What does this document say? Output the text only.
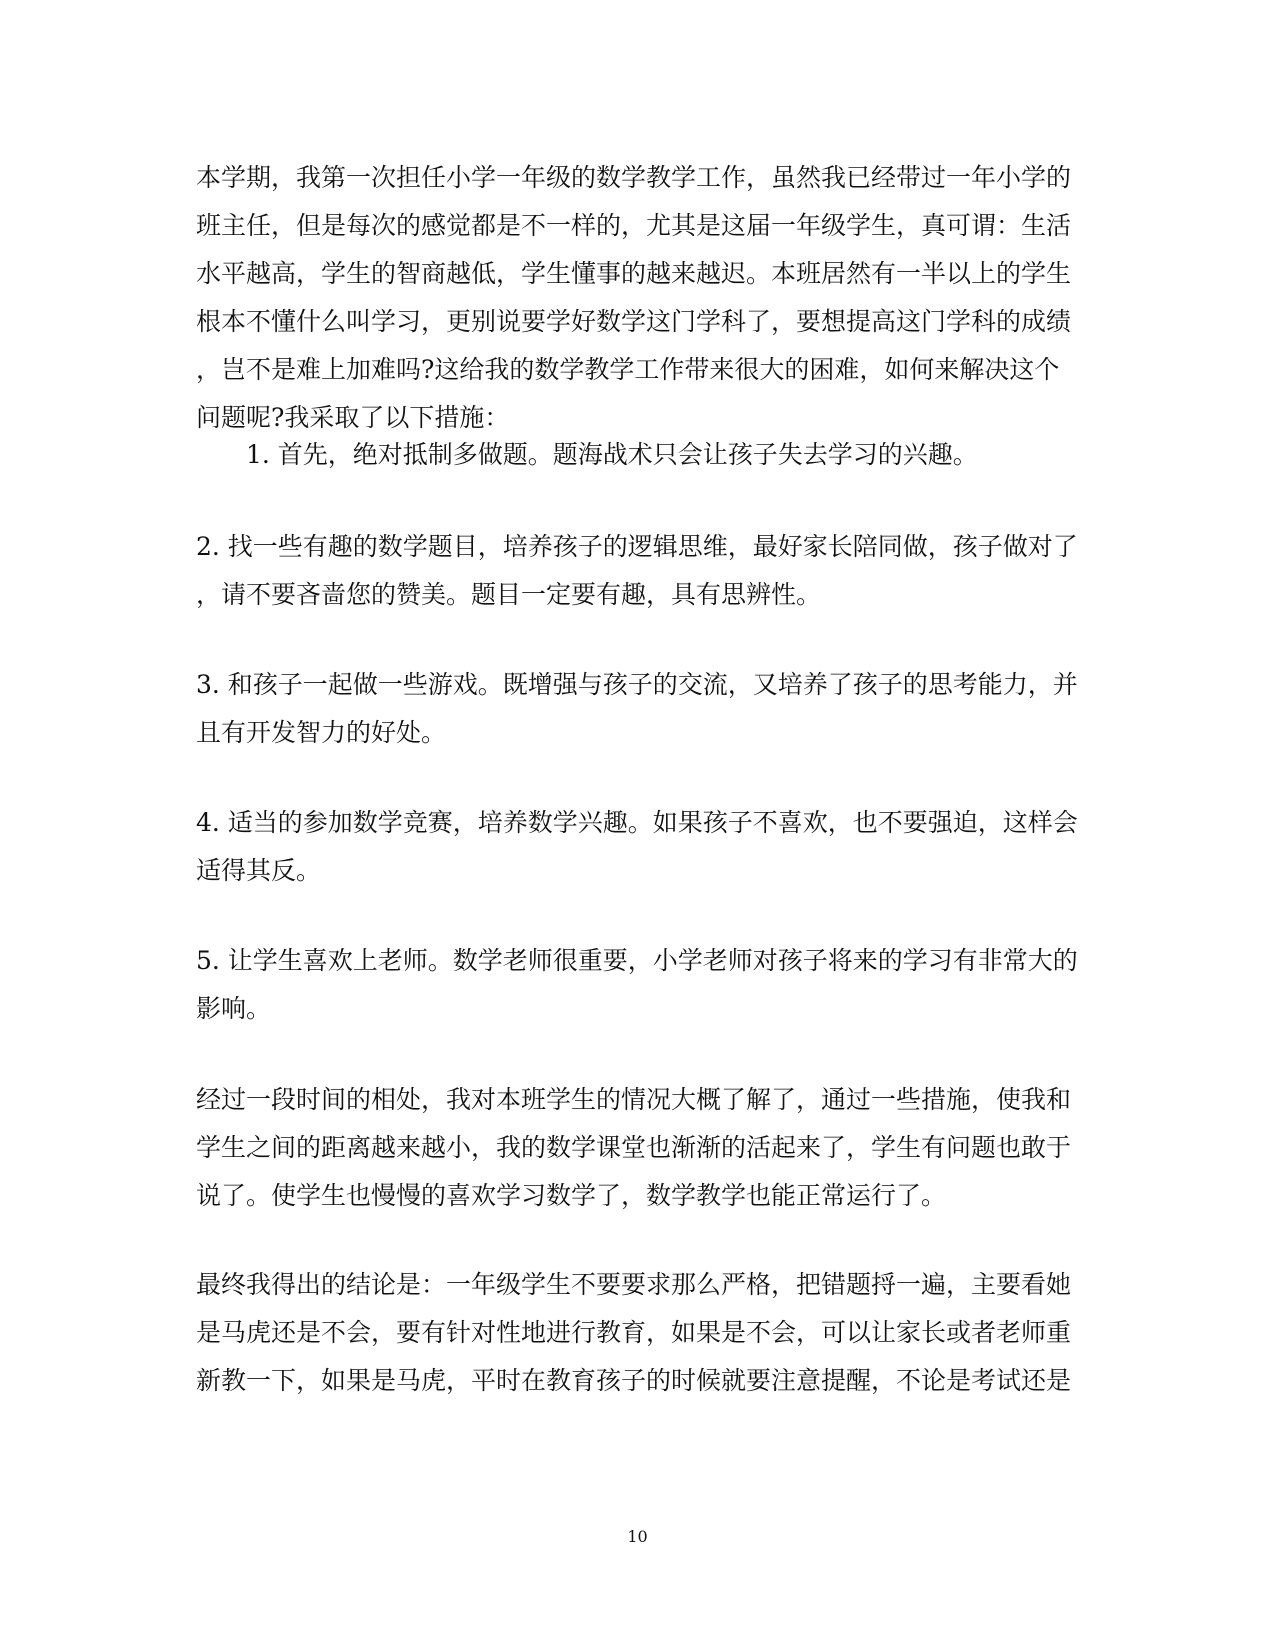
本学期，我第一次担任小学一年级的数学教学工作，虽然我已经带过一年小学的
班主任，但是每次的感觉都是不一样的，尤其是这届一年级学生，真可谓：生活
水平越高，学生的智商越低，学生懂事的越来越迟。本班居然有一半以上的学生
根本不懂什么叫学习，更别说要学好数学这门学科了，要想提高这门学科的成绩
，岂不是难上加难吗?这给我的数学教学工作带来很大的困难，如何来解决这个
问题呢?我采取了以下措施：
1. 首先，绝对抵制多做题。题海战术只会让孩子失去学习的兴趣。
2. 找一些有趣的数学题目，培养孩子的逻辑思维，最好家长陪同做，孩子做对了
，请不要吝啬您的赞美。题目一定要有趣，具有思辨性。
3. 和孩子一起做一些游戏。既增强与孩子的交流，又培养了孩子的思考能力，并
且有开发智力的好处。
4. 适当的参加数学竞赛，培养数学兴趣。如果孩子不喜欢，也不要强迫，这样会
适得其反。
5. 让学生喜欢上老师。数学老师很重要，小学老师对孩子将来的学习有非常大的
影响。
经过一段时间的相处，我对本班学生的情况大概了解了，通过一些措施，使我和
学生之间的距离越来越小，我的数学课堂也渐渐的活起来了，学生有问题也敢于
说了。使学生也慢慢的喜欢学习数学了，数学教学也能正常运行了。
最终我得出的结论是：一年级学生不要要求那么严格，把错题捋一遍，主要看她
是马虎还是不会，要有针对性地进行教育，如果是不会，可以让家长或者老师重
新教一下，如果是马虎，平时在教育孩子的时候就要注意提醒，不论是考试还是
10
